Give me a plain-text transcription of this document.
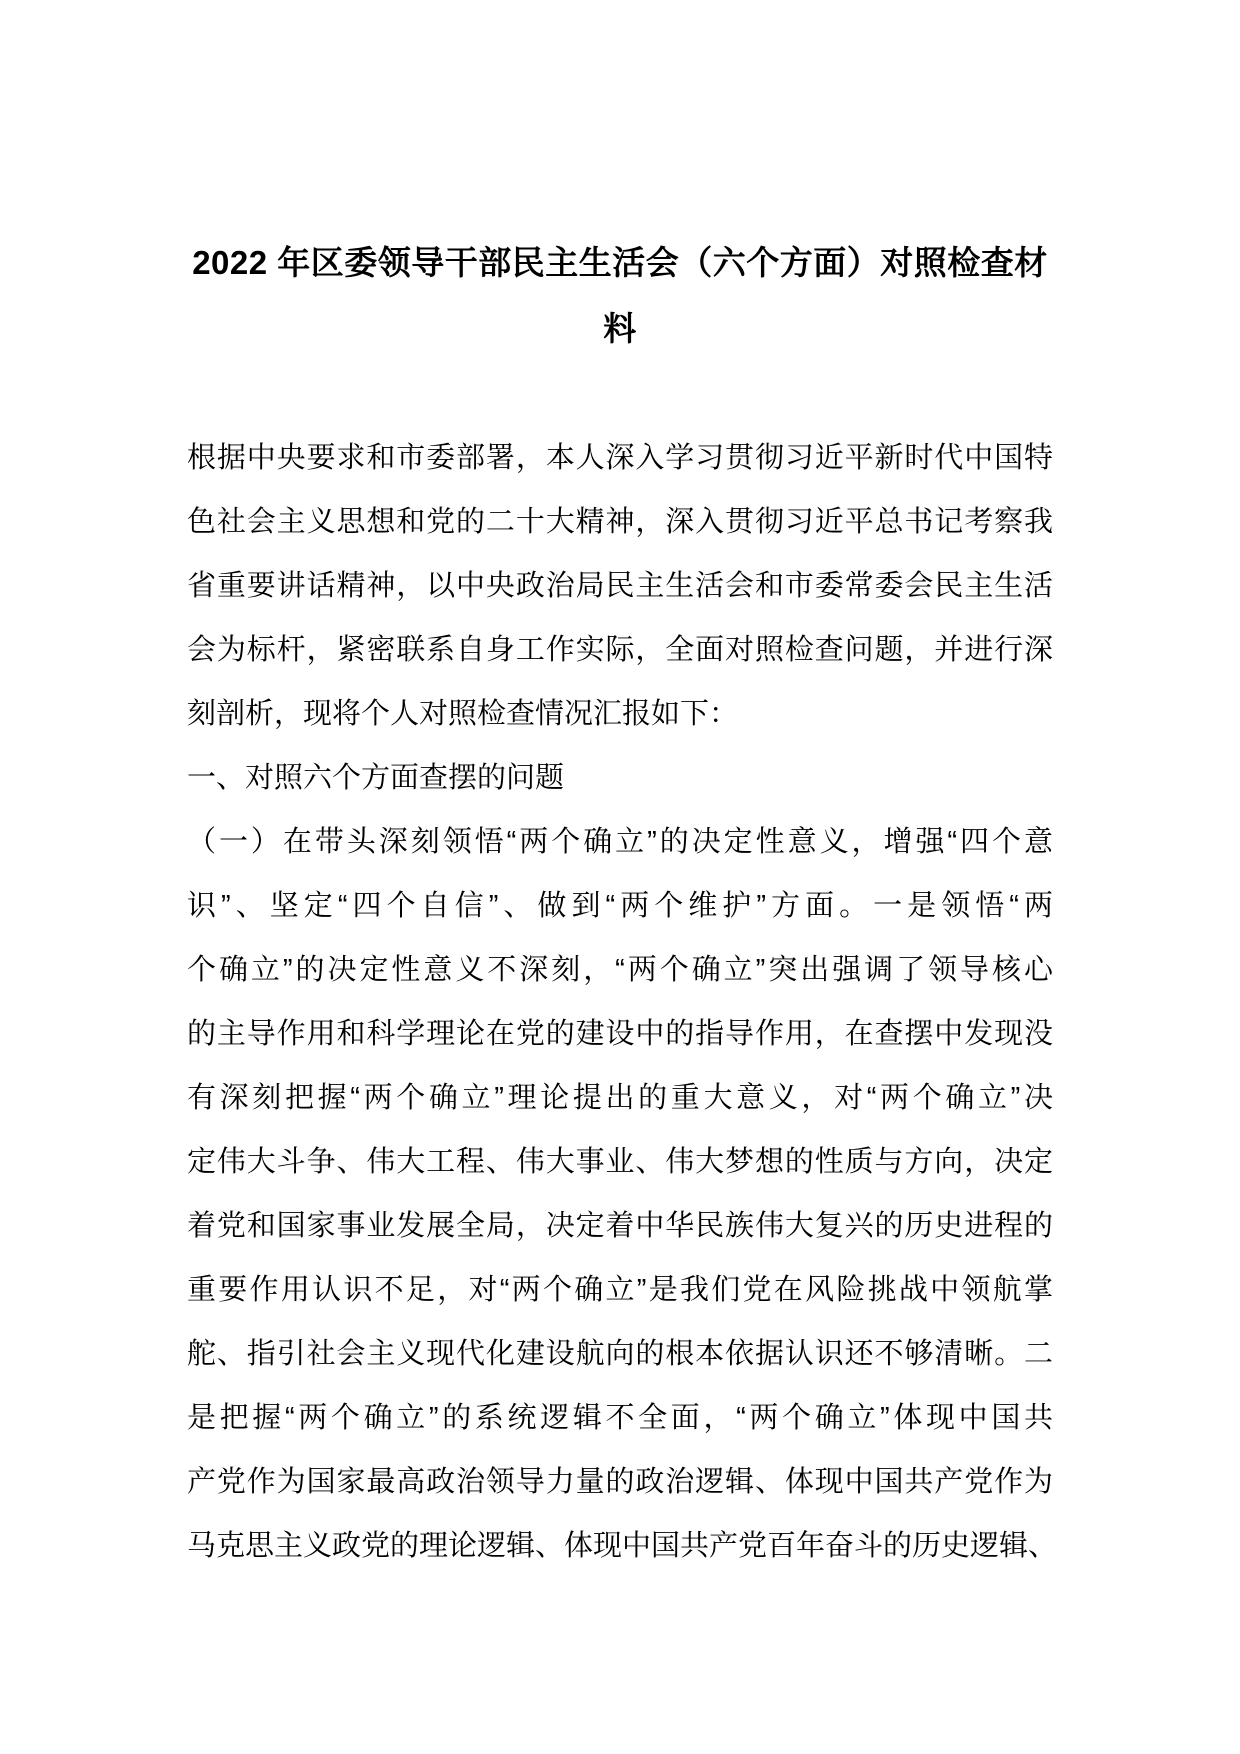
2022 年区委领导干部民主生活会（六个方面）对照检查材
料
根据中央要求和市委部署，本人深入学习贯彻习近平新时代中国特
色社会主义思想和党的二十大精神，深入贯彻习近平总书记考察我
省重要讲话精神，以中央政治局民主生活会和市委常委会民主生活
会为标杆，紧密联系自身工作实际，全面对照检查问题，并进行深
刻剖析，现将个人对照检查情况汇报如下：
一、对照六个方面查摆的问题
（一）在带头深刻领悟“两个确立”的决定性意义，增强“四个意
识”、坚定“四个自信”、做到“两个维护”方面。一是领悟“两
个确立”的决定性意义不深刻，“两个确立”突出强调了领导核心
的主导作用和科学理论在党的建设中的指导作用，在查摆中发现没
有深刻把握“两个确立”理论提出的重大意义，对“两个确立”决
定伟大斗争、伟大工程、伟大事业、伟大梦想的性质与方向，决定
着党和国家事业发展全局，决定着中华民族伟大复兴的历史进程的
重要作用认识不足，对“两个确立”是我们党在风险挑战中领航掌
舵、指引社会主义现代化建设航向的根本依据认识还不够清晰。二
是把握“两个确立”的系统逻辑不全面，“两个确立”体现中国共
产党作为国家最高政治领导力量的政治逻辑、体现中国共产党作为
马克思主义政党的理论逻辑、体现中国共产党百年奋斗的历史逻辑、
